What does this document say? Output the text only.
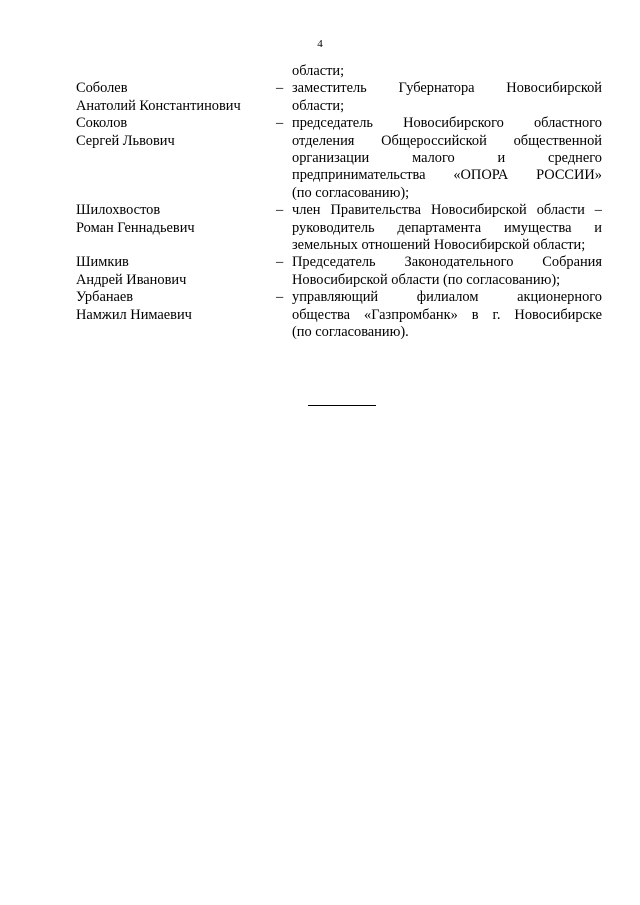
4
области;
Соболев
Анатолий Константинович
– заместитель Губернатора Новосибирской
области;
Соколов
Сергей Львович
– председатель Новосибирского областного
отделения Общероссийской общественной
организации малого и среднего
предпринимательства «ОПОРА РОССИИ»
(по согласованию);
Шилохвостов
Роман Геннадьевич
– член Правительства Новосибирской области –
руководитель департамента имущества и
земельных отношений Новосибирской области;
Шимкив
Андрей Иванович
– Председатель Законодательного Собрания
Новосибирской области (по согласованию);
Урбанаев
Намжил Нимаевич
– управляющий филиалом акционерного
общества «Газпромбанк» в г. Новосибирске
(по согласованию).
